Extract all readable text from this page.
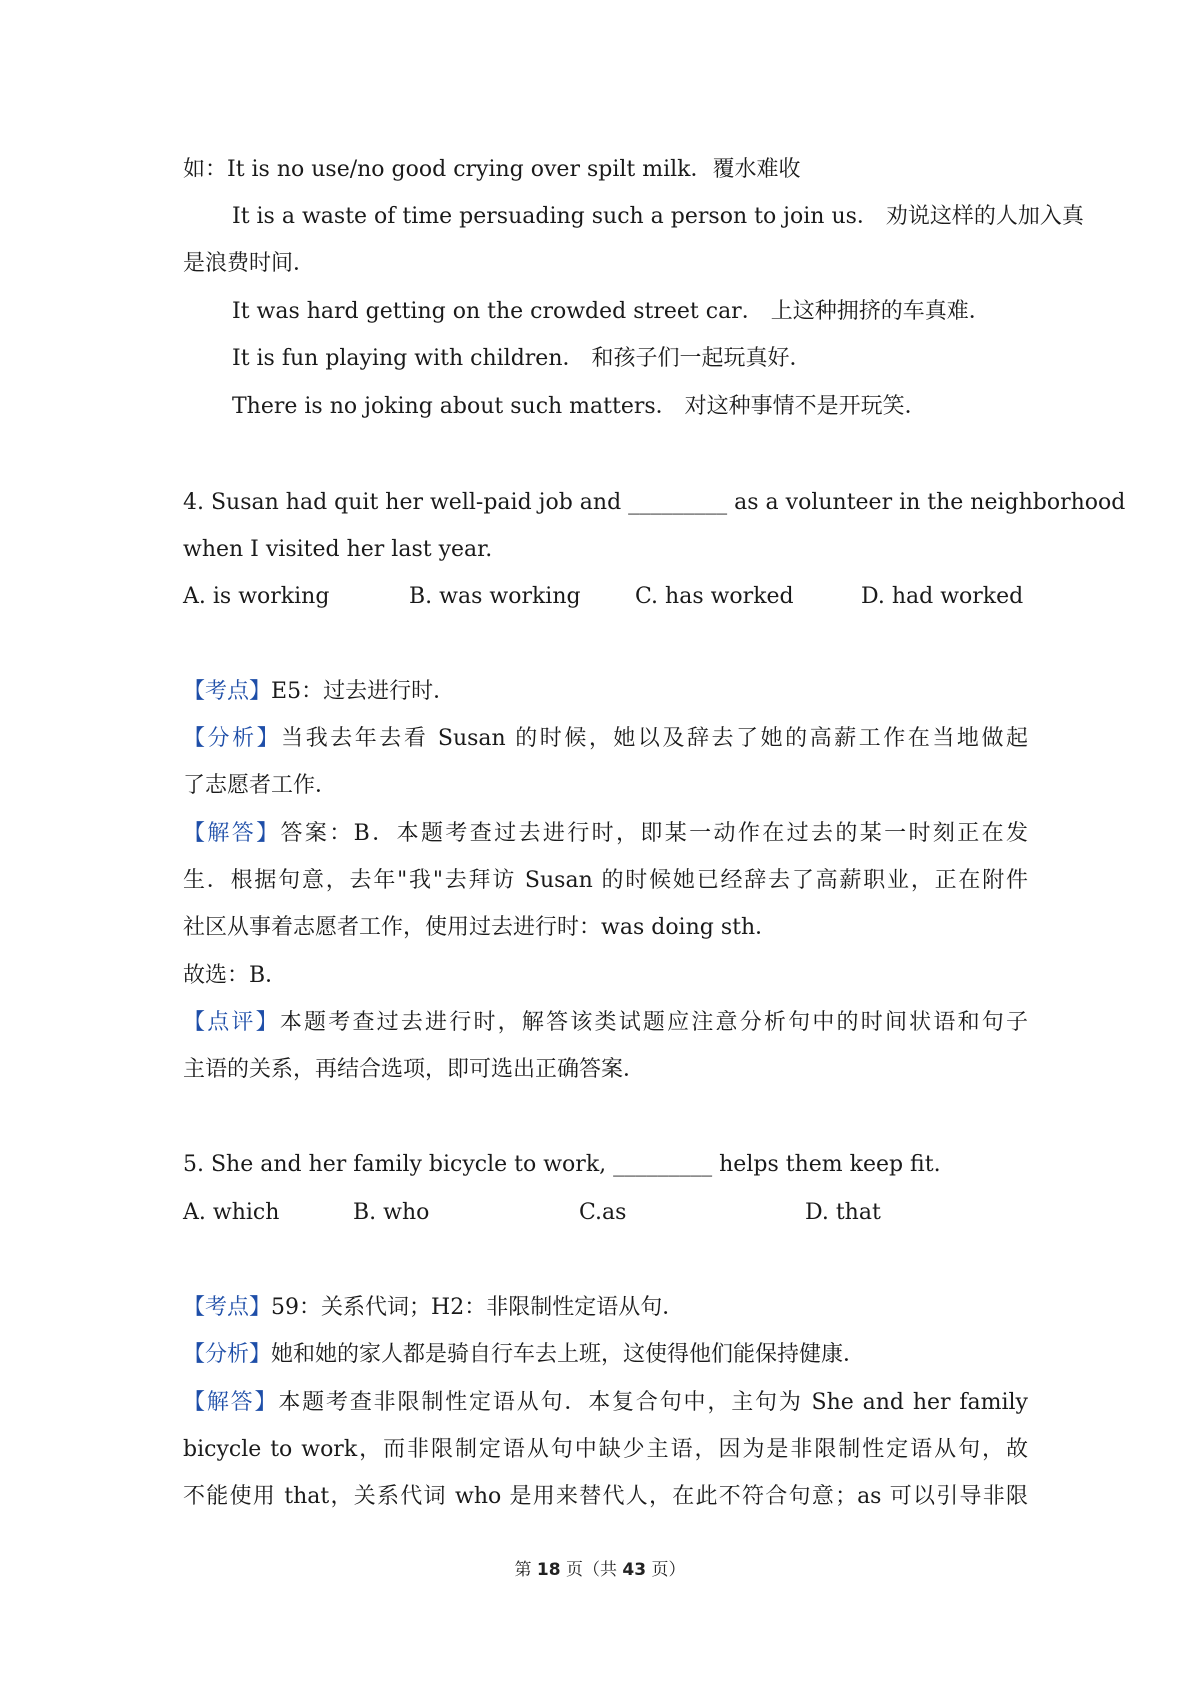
如：It is no use/no good crying over spilt milk．覆水难收
It is a waste of time persuading such a person to join us． 劝说这样的人加入真
是浪费时间．
It was hard getting on the crowded street car． 上这种拥挤的车真难．
It is fun playing with children． 和孩子们一起玩真好．
There is no joking about such matters． 对这种事情不是开玩笑．
4. Susan had quit her well-paid job and _________ as a volunteer in the neighborhood
when I visited her last year.
A. is working	B. was working C. has worked	D. had worked
【考点】E5：过去进行时．
【分析】当我去年去看 Susan 的时候，她以及辞去了她的高薪工作在当地做起
了志愿者工作．
【解答】答案：B．本题考查过去进行时，即某一动作在过去的某一时刻正在发
生．根据句意，去年"我"去拜访 Susan 的时候她已经辞去了高薪职业，正在附件
社区从事着志愿者工作，使用过去进行时：was doing sth．
故选：B．
【点评】本题考查过去进行时，解答该类试题应注意分析句中的时间状语和句子
主语的关系，再结合选项，即可选出正确答案．
5. She and her family bicycle to work, _________ helps them keep fit.
A. which	B. who	C.as	D. that
【考点】59：关系代词；H2：非限制性定语从句．
【分析】她和她的家人都是骑自行车去上班，这使得他们能保持健康．
【解答】本题考查非限制性定语从句．本复合句中，主句为 She and her family
bicycle to work，而非限制定语从句中缺少主语，因为是非限制性定语从句，故
不能使用 that，关系代词 who 是用来替代人，在此不符合句意；as 可以引导非限
第 18 页（共 43 页）
